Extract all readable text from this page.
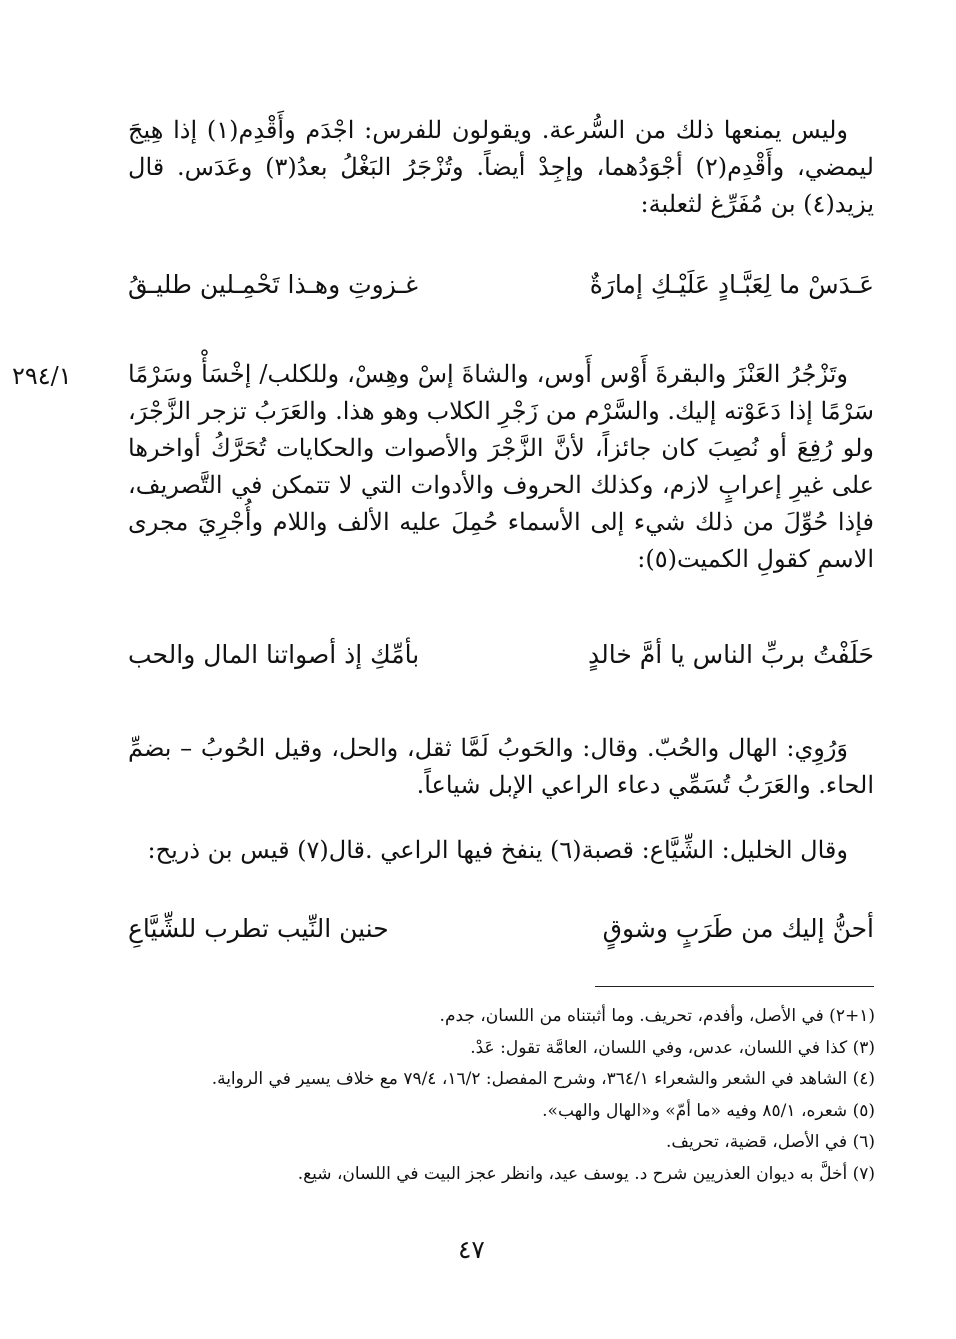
٢٩٤/١

وليس يمنعها ذلك من السُّرعة. ويقولون للفرس: اجْدَم وأَقْدِم(١) إذا هِيجَ ليمضي، وأَقْدِم(٢) أجْوَدُهما، وإجِدْ أيضاً. وتُزْجَرُ البَغْلُ بعدُ(٣) وعَدَس. قال يزيد(٤) بن مُفَرِّغ لثعلبة:

عَـدَسْ ما لِعَبَّـادٍ عَلَيْـكِ إمارَةٌ
غـزوتِ وهـذا تَحْمِـلين طليـقُ

وتَزْجُرُ العَنْزَ والبقرةَ أَوْس أَوس، والشاةَ إسْ وهِسْ، وللكلب/ إخْسَأْ وسَرْمًا سَرْمًا إذا دَعَوْته إليك. والسَّرْم من زَجْرِ الكلاب وهو هذا. والعَرَبُ تزجر الزَّجْرَ، ولو رُفِعَ أو نُصِبَ كان جائزاً، لأنَّ الزَّجْرَ والأصوات والحكايات تُحَرَّكُ أواخرها على غيرِ إعرابٍ لازم، وكذلك الحروف والأدوات التي لا تتمكن في التَّصريف، فإذا حُوِّلَ من ذلك شيء إلى الأسماء حُمِلَ عليه الألف واللام وأُجْرِيَ مجرى الاسمِ كقولِ الكميت(٥):

حَلَفْتُ بربِّ الناس يا أمَّ خالدٍ
بأمِّكِ إذ أصواتنا المال والحب

وَرُوِي: الهال والحُبّ. وقال: والحَوبُ لَمَّا ثقل، والحل، وقيل الحُوبُ – بضمِّ الحاء. والعَرَبُ تُسَمِّي دعاء الراعي الإبل شياعاً.

وقال الخليل: الشِّيَّاع: قصبة(٦) ينفخ فيها الراعي .قال(٧) قيس بن ذريح:

أحنُّ إليك من طَرَبٍ وشوقٍ
حنين النِّيب تطرب للشِّيَّاعِ

(١+٢) في الأصل، وأفدم، تحريف. وما أثبتناه من اللسان، جدم.

(٣) كذا في اللسان، عدس، وفي اللسان، العامَّة تقول: عَدْ.

(٤) الشاهد في الشعر والشعراء ٣٦٤/١، وشرح المفصل: ١٦/٢، ٧٩/٤ مع خلاف يسير في الرواية.

(٥) شعره، ٨٥/١ وفيه «ما أمّ» و«الهال والهب».

(٦) في الأصل، قضية، تحريف.

(٧) أخلَّ به ديوان العذريين شرح د. يوسف عيد، وانظر عجز البيت في اللسان، شيع.

٤٧
